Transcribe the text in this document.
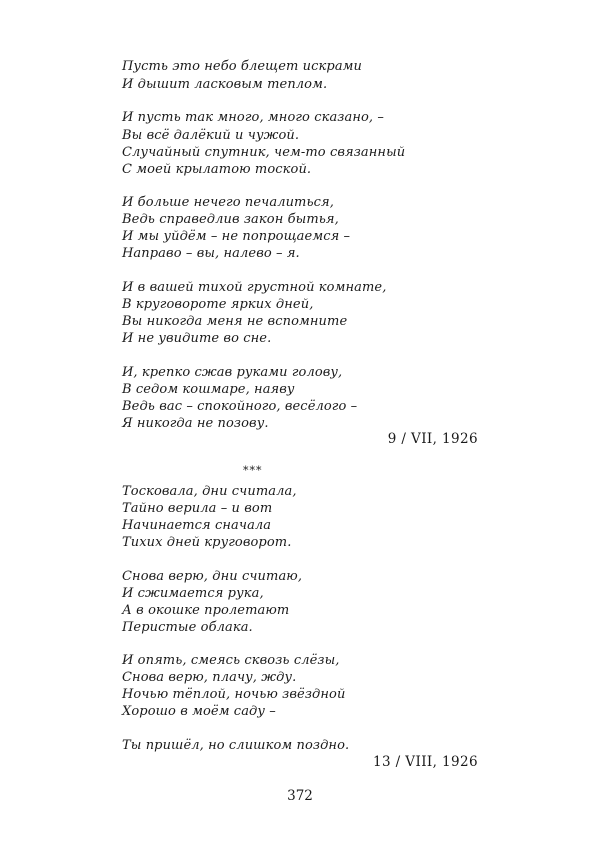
Пусть это небо блещет искрами
И дышит ласковым теплом.
И пусть так много, много сказано, –
Вы всё далёкий и чужой.
Случайный спутник, чем-то связанный
С моей крылатою тоской.
И больше нечего печалиться,
Ведь справедлив закон бытья,
И мы уйдём – не попрощаемся –
Направо – вы, налево – я.
И в вашей тихой грустной комнате,
В круговороте ярких дней,
Вы никогда меня не вспомните
И не увидите во сне.
И, крепко сжав руками голову,
В седом кошмаре, наяву
Ведь вас – спокойного, весёлого –
Я никогда не позову.
9 / VII, 1926
***
Тосковала, дни считала,
Тайно верила – и вот
Начинается сначала
Тихих дней круговорот.
Снова верю, дни считаю,
И сжимается рука,
А в окошке пролетают
Перистые облака.
И опять, смеясь сквозь слёзы,
Снова верю, плачу, жду.
Ночью тёплой, ночью звёздной
Хорошо в моём саду –
Ты пришёл, но слишком поздно.
13 / VIII, 1926
372
